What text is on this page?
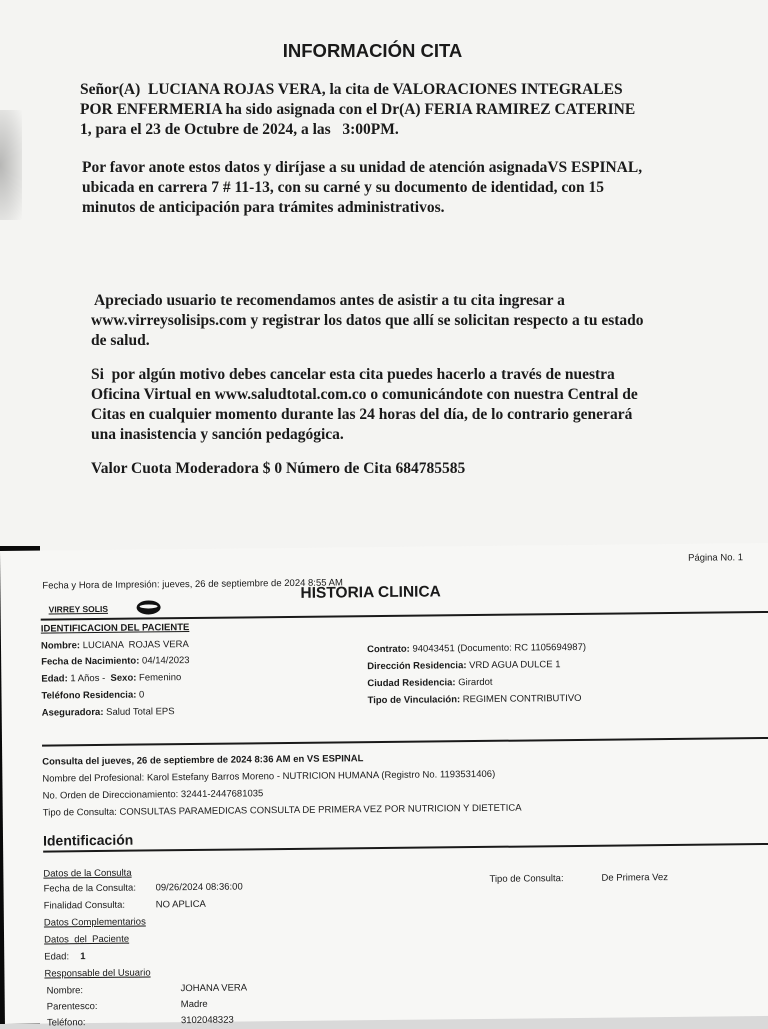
INFORMACIÓN CITA
Señor(A)  LUCIANA ROJAS VERA, la cita de VALORACIONES INTEGRALES
POR ENFERMERIA ha sido asignada con el Dr(A) FERIA RAMIREZ CATERINE
1, para el 23 de Octubre de 2024, a las   3:00PM.
Por favor anote estos datos y diríjase a su unidad de atención asignadaVS ESPINAL,
ubicada en carrera 7 # 11-13, con su carné y su documento de identidad, con 15
minutos de anticipación para trámites administrativos.
Apreciado usuario te recomendamos antes de asistir a tu cita ingresar a
www.virreysolisips.com y registrar los datos que allí se solicitan respecto a tu estado
de salud.
Si  por algún motivo debes cancelar esta cita puedes hacerlo a través de nuestra
Oficina Virtual en www.saludtotal.com.co o comunicándote con nuestra Central de
Citas en cualquier momento durante las 24 horas del día, de lo contrario generará
una inasistencia y sanción pedagógica.
Valor Cuota Moderadora $ 0 Número de Cita 684785585
Página No. 1
Fecha y Hora de Impresión: jueves, 26 de septiembre de 2024 8:55 AM
VIRREY SOLIS
HISTORIA CLINICA
IDENTIFICACION DEL PACIENTE
Nombre: LUCIANA  ROJAS VERA
Fecha de Nacimiento: 04/14/2023
Edad: 1 Años - Sexo: Femenino
Teléfono Residencia: 0
Aseguradora: Salud Total EPS
Contrato: 94043451 (Documento: RC 1105694987)
Dirección Residencia: VRD AGUA DULCE 1
Ciudad Residencia: Girardot
Tipo de Vinculación: REGIMEN CONTRIBUTIVO
Consulta del jueves, 26 de septiembre de 2024 8:36 AM en VS ESPINAL
Nombre del Profesional: Karol Estefany Barros Moreno - NUTRICION HUMANA (Registro No. 1193531406)
No. Orden de Direccionamiento: 32441-2447681035
Tipo de Consulta: CONSULTAS PARAMEDICAS CONSULTA DE PRIMERA VEZ POR NUTRICION Y DIETETICA
Identificación
Datos de la Consulta
Fecha de la Consulta: 09/26/2024 08:36:00
Tipo de Consulta:	De Primera Vez
Finalidad Consulta:	NO APLICA
Datos Complementarios
Datos  del  Paciente
Edad: 1
Responsable del Usuario
Nombre:	JOHANA VERA
Parentesco:	Madre
Teléfono:	3102048323
